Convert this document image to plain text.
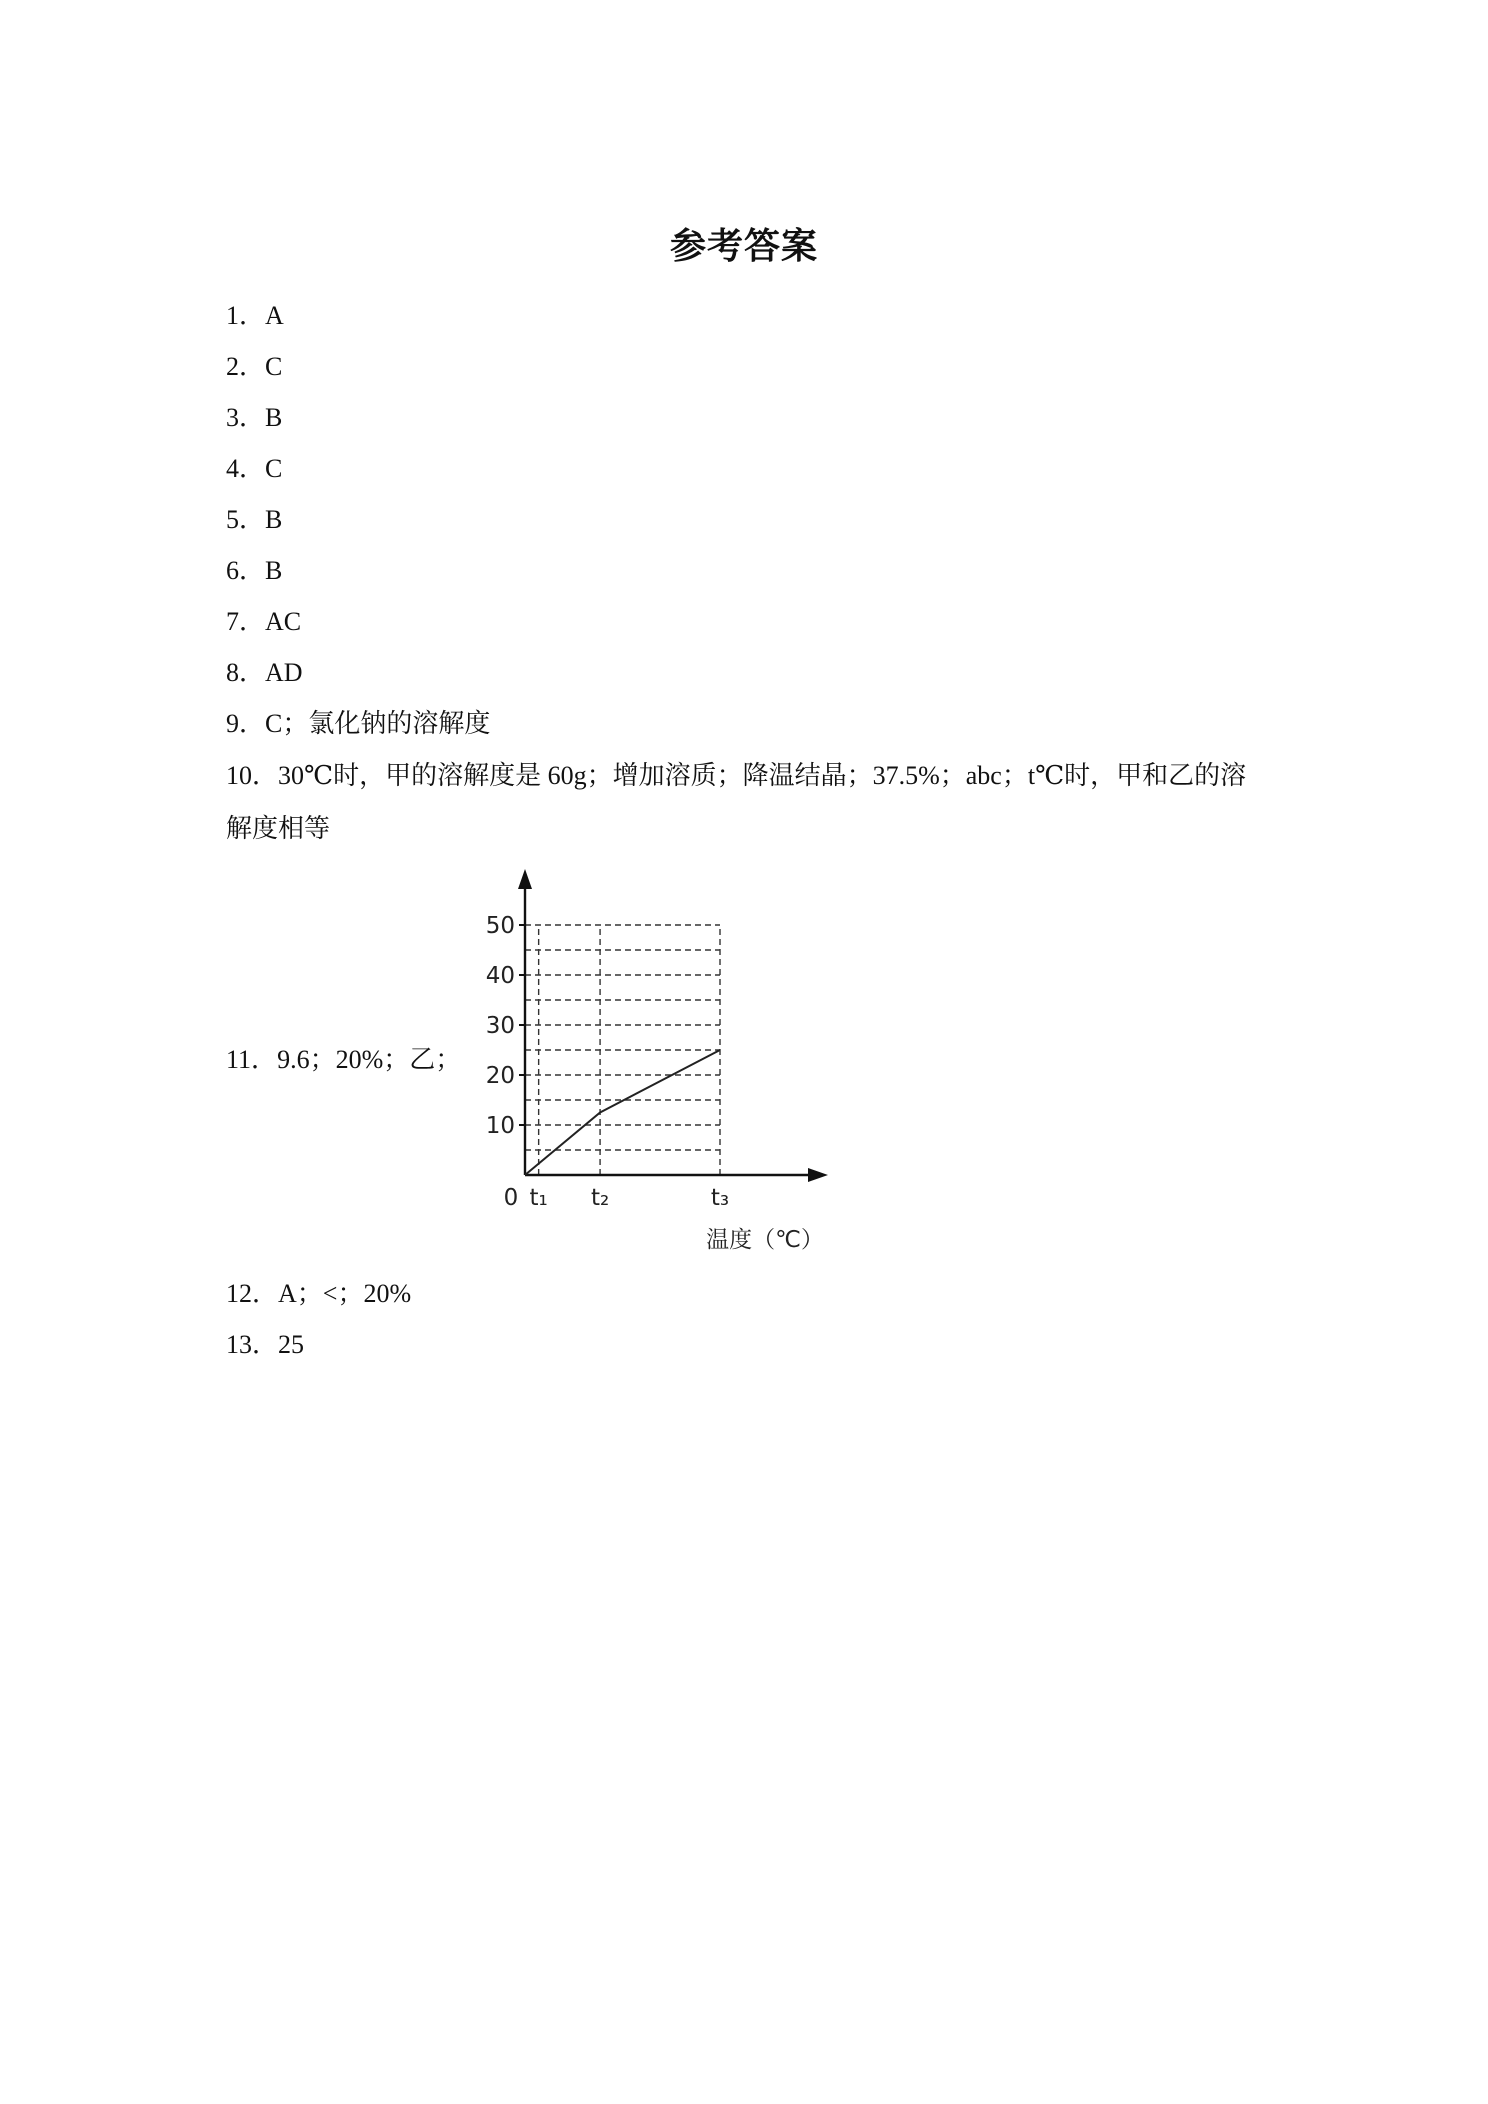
参考答案
1．A
2．C
3．B
4．C
5．B
6．B
7．AC
8．AD
9．C；氯化钠的溶解度
10．30℃时，甲的溶解度是 60g；增加溶质；降温结晶；37.5%；abc；t℃时，甲和乙的溶解度相等
11．9.6；20%；乙；
10
20
30
40
50
0 t₁ t₂	t₃
温度（℃）
12．A；<；20%
13．25
